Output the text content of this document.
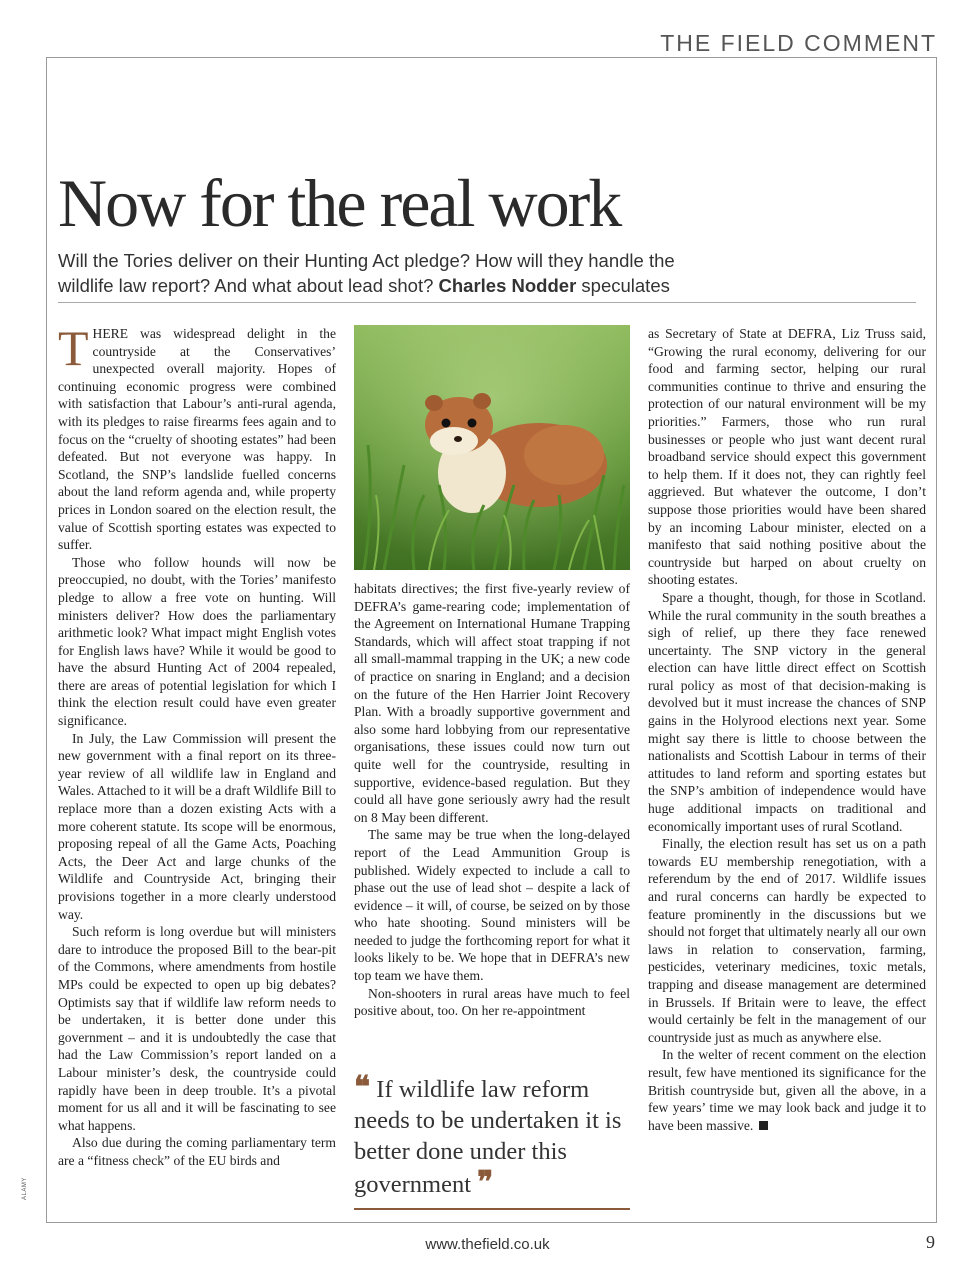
THE FIELD COMMENT
Now for the real work
Will the Tories deliver on their Hunting Act pledge? How will they handle the wildlife law report? And what about lead shot? Charles Nodder speculates

THERE was widespread delight in the countryside at the Conservatives’ unexpected overall majority. Hopes of continuing economic progress were combined with satisfaction that Labour’s anti-rural agenda, with its pledges to raise firearms fees again and to focus on the “cruelty of shooting estates” had been defeated. But not everyone was happy. In Scotland, the SNP’s landslide fuelled concerns about the land reform agenda and, while property prices in London soared on the election result, the value of Scottish sporting estates was expected to suffer.

Those who follow hounds will now be preoccupied, no doubt, with the Tories’ manifesto pledge to allow a free vote on hunting. Will ministers deliver? How does the parliamentary arithmetic look? What impact might English votes for English laws have? While it would be good to have the absurd Hunting Act of 2004 repealed, there are areas of potential legislation for which I think the election result could have even greater significance.

In July, the Law Commission will present the new government with a final report on its three-year review of all wildlife law in England and Wales. Attached to it will be a draft Wildlife Bill to replace more than a dozen existing Acts with a more coherent statute. Its scope will be enormous, proposing repeal of all the Game Acts, Poaching Acts, the Deer Act and large chunks of the Wildlife and Countryside Act, bringing their provisions together in a more clearly understood way.

Such reform is long overdue but will ministers dare to introduce the proposed Bill to the bear-pit of the Commons, where amendments from hostile MPs could be expected to open up big debates? Optimists say that if wildlife law reform needs to be undertaken, it is better done under this government – and it is undoubtedly the case that had the Law Commission’s report landed on a Labour minister’s desk, the countryside could rapidly have been in deep trouble. It’s a pivotal moment for us all and it will be fascinating to see what happens.

Also due during the coming parliamentary term are a “fitness check” of the EU birds and

habitats directives; the first five-yearly review of DEFRA’s game-rearing code; implementation of the Agreement on International Humane Trapping Standards, which will affect stoat trapping if not all small-mammal trapping in the UK; a new code of practice on snaring in England; and a decision on the future of the Hen Harrier Joint Recovery Plan. With a broadly supportive government and also some hard lobbying from our representative organisations, these issues could now turn out quite well for the countryside, resulting in supportive, evidence-based regulation. But they could all have gone seriously awry had the result on 8 May been different.

The same may be true when the long-delayed report of the Lead Ammunition Group is published. Widely expected to include a call to phase out the use of lead shot – despite a lack of evidence – it will, of course, be seized on by those who hate shooting. Sound ministers will be needed to judge the forthcoming report for what it looks likely to be. We hope that in DEFRA’s new top team we have them.

Non-shooters in rural areas have much to feel positive about, too. On her re-appointment

❝ If wildlife law reform needs to be undertaken it is better done under this government ❞

as Secretary of State at DEFRA, Liz Truss said, “Growing the rural economy, delivering for our food and farming sector, helping our rural communities continue to thrive and ensuring the protection of our natural environment will be my priorities.” Farmers, those who run rural businesses or people who just want decent rural broadband service should expect this government to help them. If it does not, they can rightly feel aggrieved. But whatever the outcome, I don’t suppose those priorities would have been shared by an incoming Labour minister, elected on a manifesto that said nothing positive about the countryside but harped on about cruelty on shooting estates.

Spare a thought, though, for those in Scotland. While the rural community in the south breathes a sigh of relief, up there they face renewed uncertainty. The SNP victory in the general election can have little direct effect on Scottish rural policy as most of that decision-making is devolved but it must increase the chances of SNP gains in the Holyrood elections next year. Some might say there is little to choose between the nationalists and Scottish Labour in terms of their attitudes to land reform and sporting estates but the SNP’s ambition of independence would have huge additional impacts on traditional and economically important uses of rural Scotland.

Finally, the election result has set us on a path towards EU membership renegotiation, with a referendum by the end of 2017. Wildlife issues and rural concerns can hardly be expected to feature prominently in the discussions but we should not forget that ultimately nearly all our own laws in relation to conservation, farming, pesticides, veterinary medicines, toxic metals, trapping and disease management are determined in Brussels. If Britain were to leave, the effect would certainly be felt in the management of our countryside just as much as anywhere else.

In the welter of recent comment on the election result, few have mentioned its significance for the British countryside but, given all the above, in a few years’ time we may look back and judge it to have been massive.

ALAMY
www.thefield.co.uk	9
